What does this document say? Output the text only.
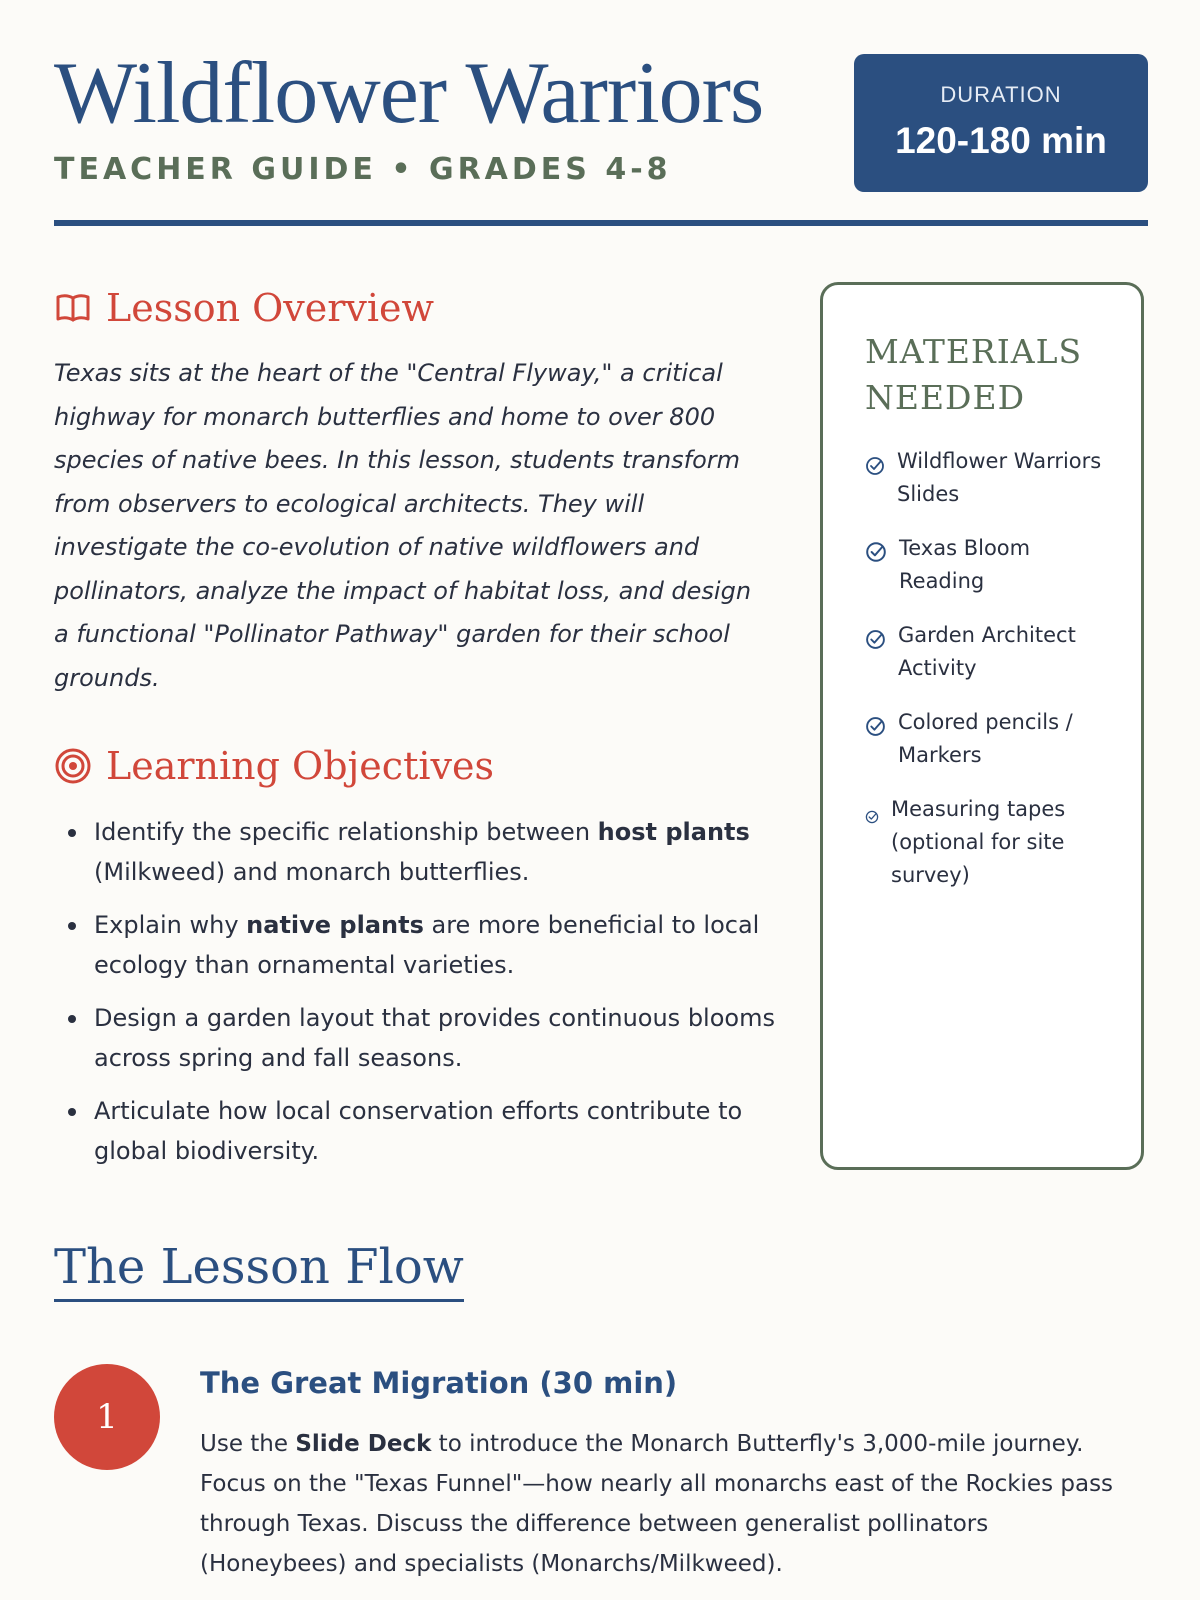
Wildflower Warriors
TEACHER GUIDE • GRADES 4-8
DURATION
120-180 min
Lesson Overview

Texas sits at the heart of the "Central Flyway," a critical highway for monarch butterflies and home to over 800 species of native bees. In this lesson, students transform from observers to ecological architects. They will investigate the co-evolution of native wildflowers and pollinators, analyze the impact of habitat loss, and design a functional "Pollinator Pathway" garden for their school grounds.

Learning Objectives
Identify the specific relationship between host plants (Milkweed) and monarch butterflies.
Explain why native plants are more beneficial to local ecology than ornamental varieties.
Design a garden layout that provides continuous blooms across spring and fall seasons.
Articulate how local conservation efforts contribute to global biodiversity.
MATERIALS NEEDED
Wildflower Warriors Slides
Texas Bloom Reading
Garden Architect Activity
Colored pencils / Markers
Measuring tapes (optional for site survey)
The Lesson Flow
1
The Great Migration (30 min)

Use the Slide Deck to introduce the Monarch Butterfly's 3,000-mile journey. Focus on the "Texas Funnel"—how nearly all monarchs east of the Rockies pass through Texas. Discuss the difference between generalist pollinators (Honeybees) and specialists (Monarchs/Milkweed).
